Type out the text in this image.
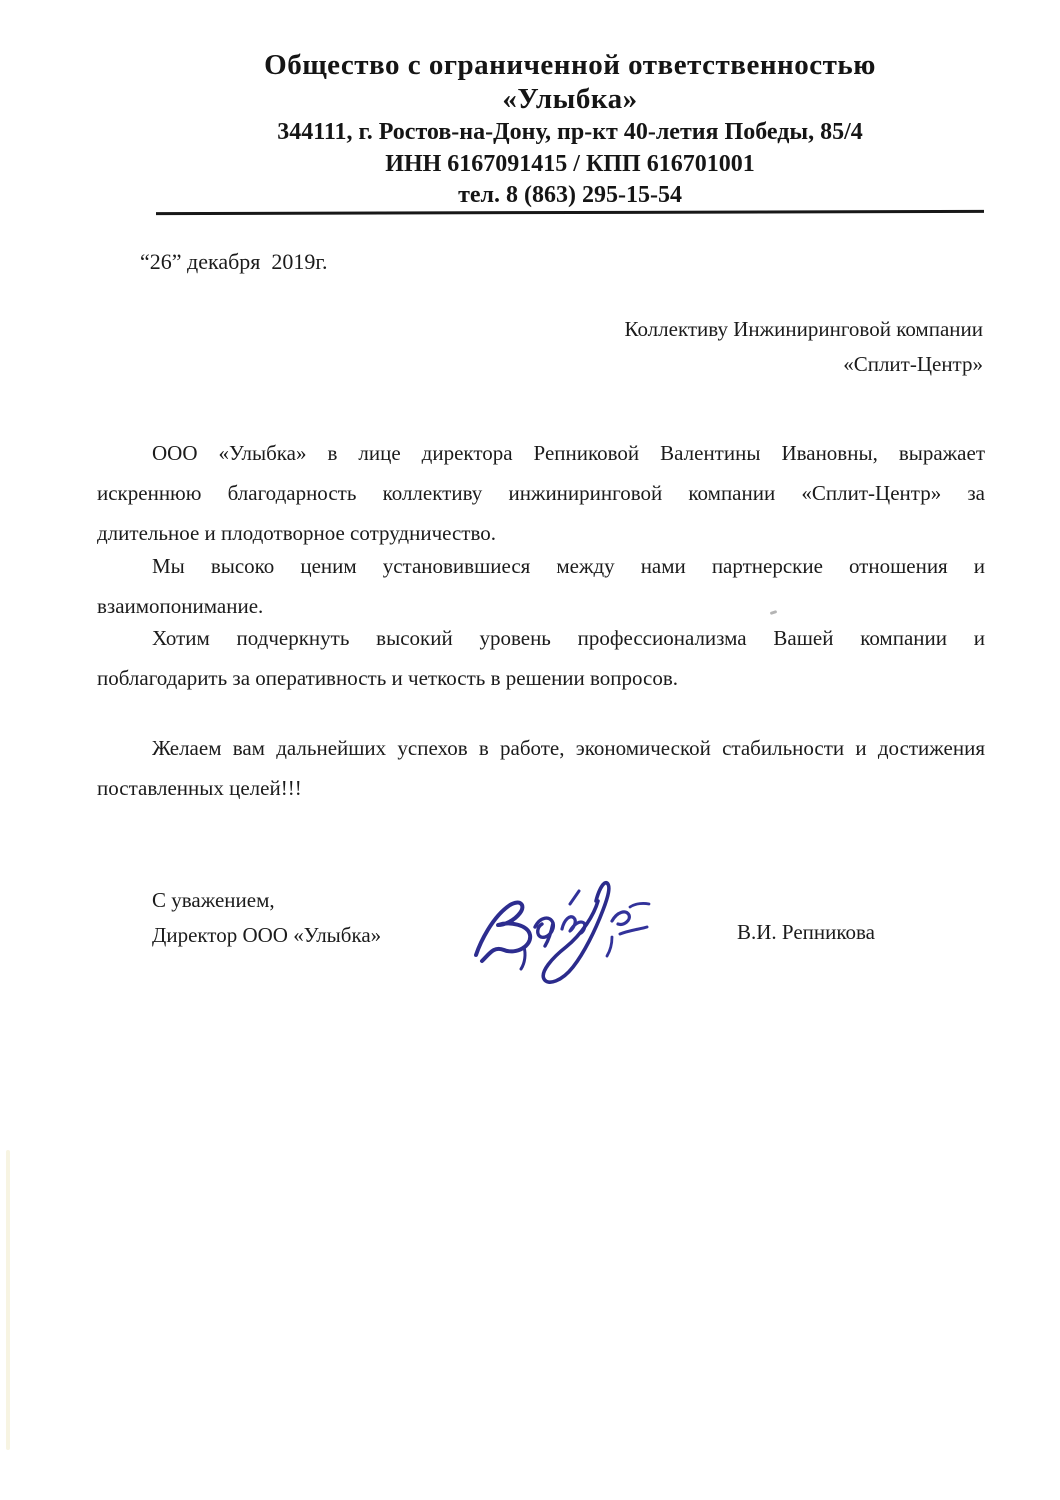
Общество с ограниченной ответственностью
«Улыбка»
344111, г. Ростов-на-Дону, пр-кт 40-летия Победы, 85/4
ИНН 6167091415 / КПП 616701001
тел. 8 (863) 295-15-54
“26” декабря  2019г.
Коллективу Инжиниринговой компании
«Сплит-Центр»
ООО «Улыбка» в лице директора Репниковой Валентины Ивановны, выражает
искреннюю благодарность коллективу инжиниринговой компании «Сплит-Центр» за
длительное и плодотворное сотрудничество.
Мы высоко ценим установившиеся между нами партнерские отношения и
взаимопонимание.
Хотим подчеркнуть высокий уровень профессионализма Вашей компании и
поблагодарить за оперативность и четкость в решении вопросов.
Желаем вам дальнейших успехов в работе, экономической стабильности и достижения
поставленных целей!!!
С уважением,
Директор ООО «Улыбка»	В.И. Репникова
